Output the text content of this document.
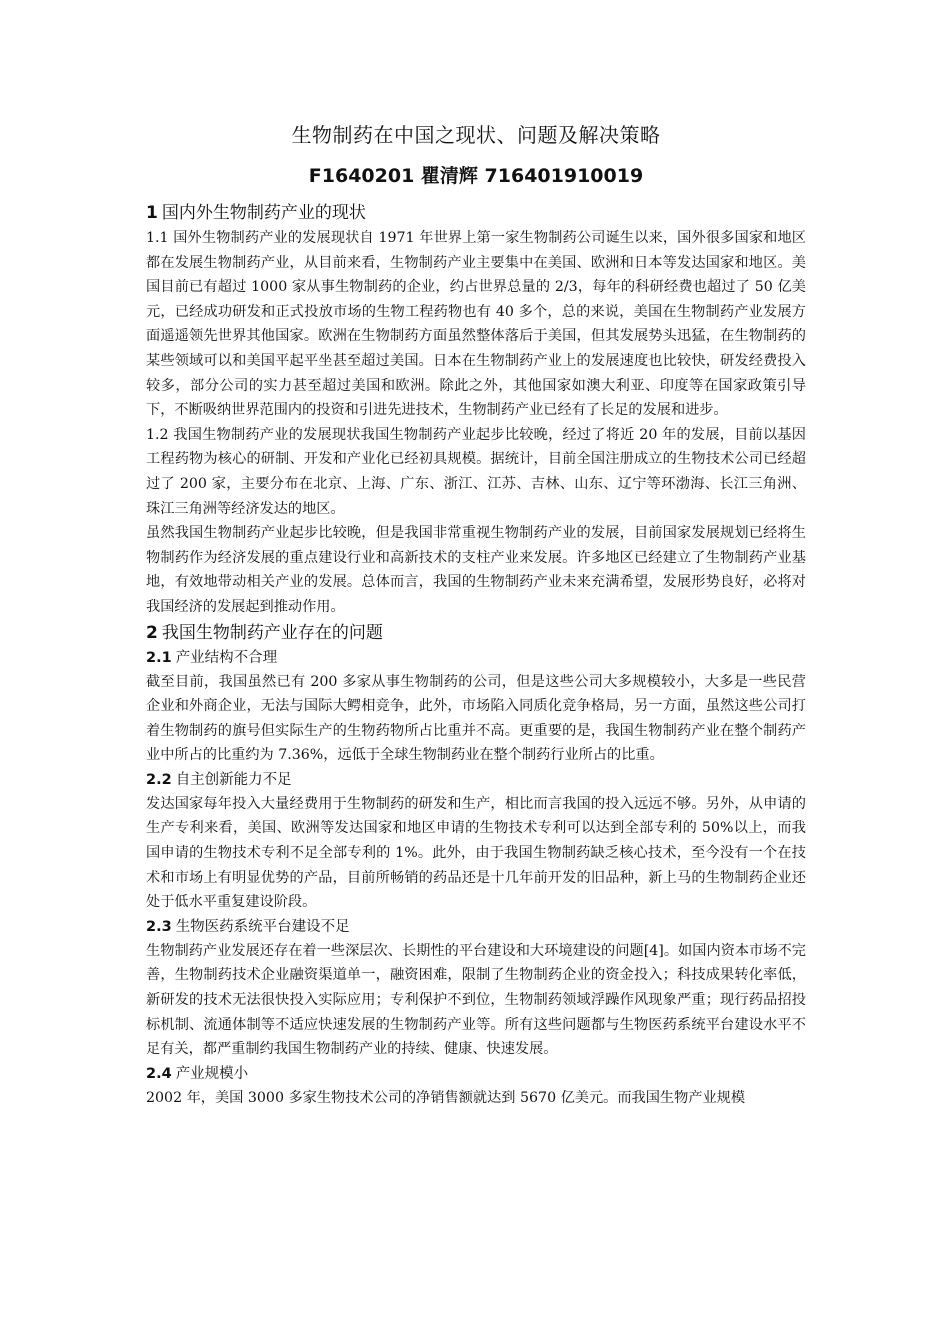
生物制药在中国之现状、问题及解决策略
F1640201 瞿清辉 716401910019
1 国内外生物制药产业的现状
1.1 国外生物制药产业的发展现状自 1971 年世界上第一家生物制药公司诞生以来，国外很多国家和地区都在发展生物制药产业，从目前来看，生物制药产业主要集中在美国、欧洲和日本等发达国家和地区。美国目前已有超过 1000 家从事生物制药的企业，约占世界总量的 2/3，每年的科研经费也超过了 50 亿美元，已经成功研发和正式投放市场的生物工程药物也有 40 多个，总的来说，美国在生物制药产业发展方面遥遥领先世界其他国家。欧洲在生物制药方面虽然整体落后于美国，但其发展势头迅猛，在生物制药的某些领域可以和美国平起平坐甚至超过美国。日本在生物制药产业上的发展速度也比较快，研发经费投入较多，部分公司的实力甚至超过美国和欧洲。除此之外，其他国家如澳大利亚、印度等在国家政策引导下，不断吸纳世界范围内的投资和引进先进技术，生物制药产业已经有了长足的发展和进步。
1.2 我国生物制药产业的发展现状我国生物制药产业起步比较晚，经过了将近 20 年的发展，目前以基因工程药物为核心的研制、开发和产业化已经初具规模。据统计，目前全国注册成立的生物技术公司已经超过了 200 家，主要分布在北京、上海、广东、浙江、江苏、吉林、山东、辽宁等环渤海、长江三角洲、珠江三角洲等经济发达的地区。
虽然我国生物制药产业起步比较晚，但是我国非常重视生物制药产业的发展，目前国家发展规划已经将生物制药作为经济发展的重点建设行业和高新技术的支柱产业来发展。许多地区已经建立了生物制药产业基地，有效地带动相关产业的发展。总体而言，我国的生物制药产业未来充满希望，发展形势良好，必将对我国经济的发展起到推动作用。
2 我国生物制药产业存在的问题
2.1 产业结构不合理
截至目前，我国虽然已有 200 多家从事生物制药的公司，但是这些公司大多规模较小，大多是一些民营企业和外商企业，无法与国际大鳄相竞争，此外，市场陷入同质化竞争格局，另一方面，虽然这些公司打着生物制药的旗号但实际生产的生物药物所占比重并不高。更重要的是，我国生物制药产业在整个制药产业中所占的比重约为 7.36%，远低于全球生物制药业在整个制药行业所占的比重。
2.2 自主创新能力不足
发达国家每年投入大量经费用于生物制药的研发和生产，相比而言我国的投入远远不够。另外，从申请的生产专利来看，美国、欧洲等发达国家和地区申请的生物技术专利可以达到全部专利的 50%以上，而我国申请的生物技术专利不足全部专利的 1%。此外，由于我国生物制药缺乏核心技术，至今没有一个在技术和市场上有明显优势的产品，目前所畅销的药品还是十几年前开发的旧品种，新上马的生物制药企业还处于低水平重复建设阶段。
2.3 生物医药系统平台建设不足
生物制药产业发展还存在着一些深层次、长期性的平台建设和大环境建设的问题[4]。如国内资本市场不完善，生物制药技术企业融资渠道单一，融资困难，限制了生物制药企业的资金投入；科技成果转化率低，新研发的技术无法很快投入实际应用；专利保护不到位，生物制药领域浮躁作风现象严重；现行药品招投标机制、流通体制等不适应快速发展的生物制药产业等。所有这些问题都与生物医药系统平台建设水平不足有关，都严重制约我国生物制药产业的持续、健康、快速发展。
2.4 产业规模小
2002 年，美国 3000 多家生物技术公司的净销售额就达到 5670 亿美元。而我国生物产业规模
